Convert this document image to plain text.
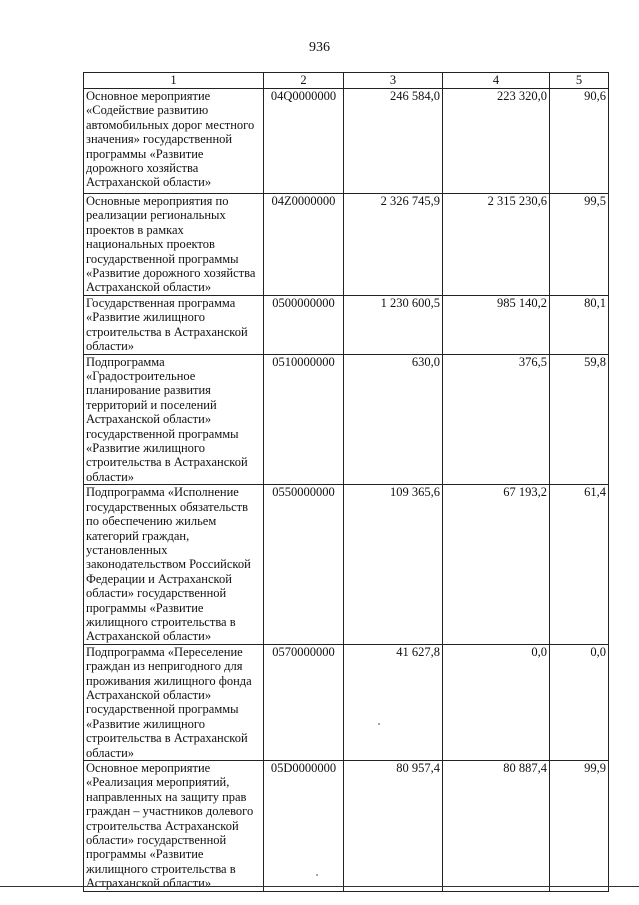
936
1	2	3	4	5
Основное мероприятие «Содействие развитию автомобильных дорог местного значения» государственной программы «Развитие дорожного хозяйства Астраханской области»	04Q0000000	246 584,0	223 320,0	90,6
Основные мероприятия по реализации региональных проектов в рамках национальных проектов государственной программы «Развитие дорожного хозяйства Астраханской области»	04Z0000000	2 326 745,9	2 315 230,6	99,5
Государственная программа «Развитие жилищного строительства в Астраханской области»	0500000000	1 230 600,5	985 140,2	80,1
Подпрограмма «Градостроительное планирование развития территорий и поселений Астраханской области» государственной программы «Развитие жилищного строительства в Астраханской области»	0510000000	630,0	376,5	59,8
Подпрограмма «Исполнение государственных обязательств по обеспечению жильем категорий граждан, установленных законодательством Российской Федерации и Астраханской области» государственной программы «Развитие жилищного строительства в Астраханской области»	0550000000	109 365,6	67 193,2	61,4
Подпрограмма «Переселение граждан из непригодного для проживания жилищного фонда Астраханской области» государственной программы «Развитие жилищного строительства в Астраханской области»	0570000000	41 627,8	0,0	0,0
Основное мероприятие «Реализация мероприятий, направленных на защиту прав граждан – участников долевого строительства Астраханской области» государственной программы «Развитие жилищного строительства в Астраханской области»	05D0000000	80 957,4	80 887,4	99,9
